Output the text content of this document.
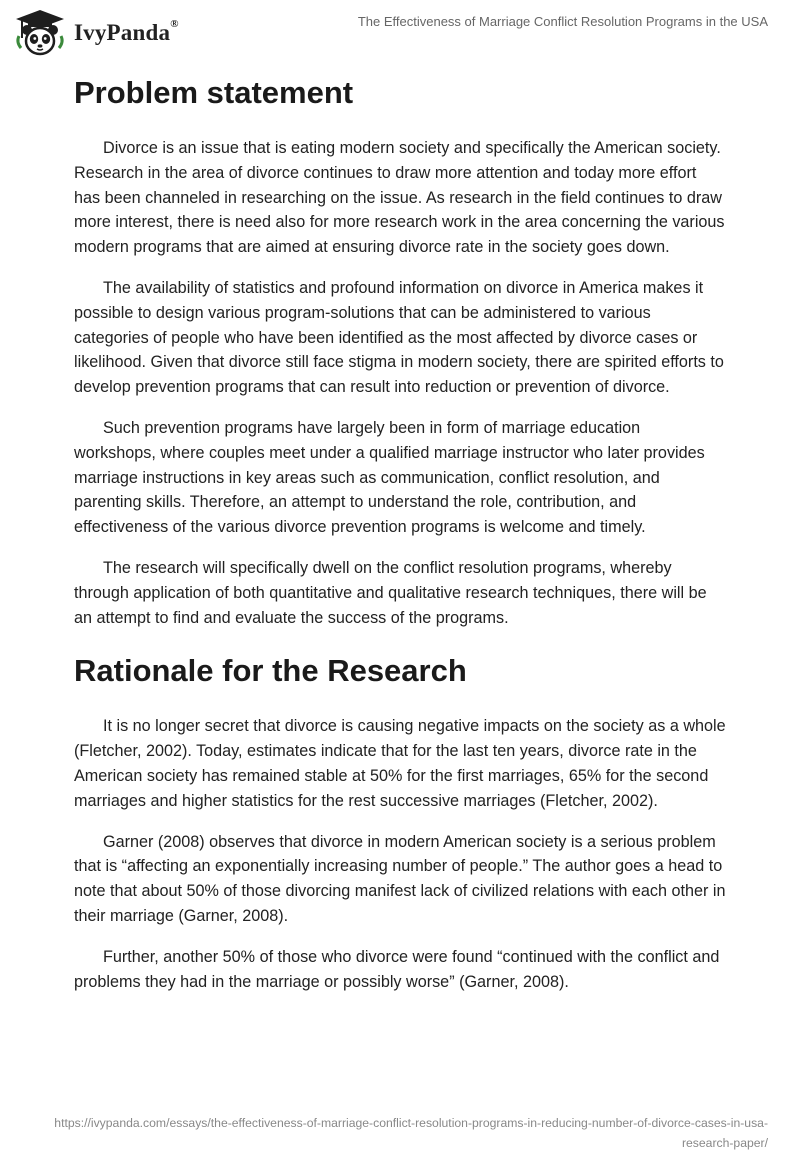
IvyPanda®	The Effectiveness of Marriage Conflict Resolution Programs in the USA
Problem statement

Divorce is an issue that is eating modern society and specifically the American society. Research in the area of divorce continues to draw more attention and today more effort has been channeled in researching on the issue. As research in the field continues to draw more interest, there is need also for more research work in the area concerning the various modern programs that are aimed at ensuring divorce rate in the society goes down.

The availability of statistics and profound information on divorce in America makes it possible to design various program-solutions that can be administered to various categories of people who have been identified as the most affected by divorce cases or likelihood. Given that divorce still face stigma in modern society, there are spirited efforts to develop prevention programs that can result into reduction or prevention of divorce.

Such prevention programs have largely been in form of marriage education workshops, where couples meet under a qualified marriage instructor who later provides marriage instructions in key areas such as communication, conflict resolution, and parenting skills. Therefore, an attempt to understand the role, contribution, and effectiveness of the various divorce prevention programs is welcome and timely.

The research will specifically dwell on the conflict resolution programs, whereby through application of both quantitative and qualitative research techniques, there will be an attempt to find and evaluate the success of the programs.

Rationale for the Research

It is no longer secret that divorce is causing negative impacts on the society as a whole (Fletcher, 2002). Today, estimates indicate that for the last ten years, divorce rate in the American society has remained stable at 50% for the first marriages, 65% for the second marriages and higher statistics for the rest successive marriages (Fletcher, 2002).

Garner (2008) observes that divorce in modern American society is a serious problem that is “affecting an exponentially increasing number of people.” The author goes a head to note that about 50% of those divorcing manifest lack of civilized relations with each other in their marriage (Garner, 2008).

Further, another 50% of those who divorce were found “continued with the conflict and problems they had in the marriage or possibly worse” (Garner, 2008).

https://ivypanda.com/essays/the-effectiveness-of-marriage-conflict-resolution-programs-in-reducing-number-of-divorce-cases-in-usa-research-paper/
